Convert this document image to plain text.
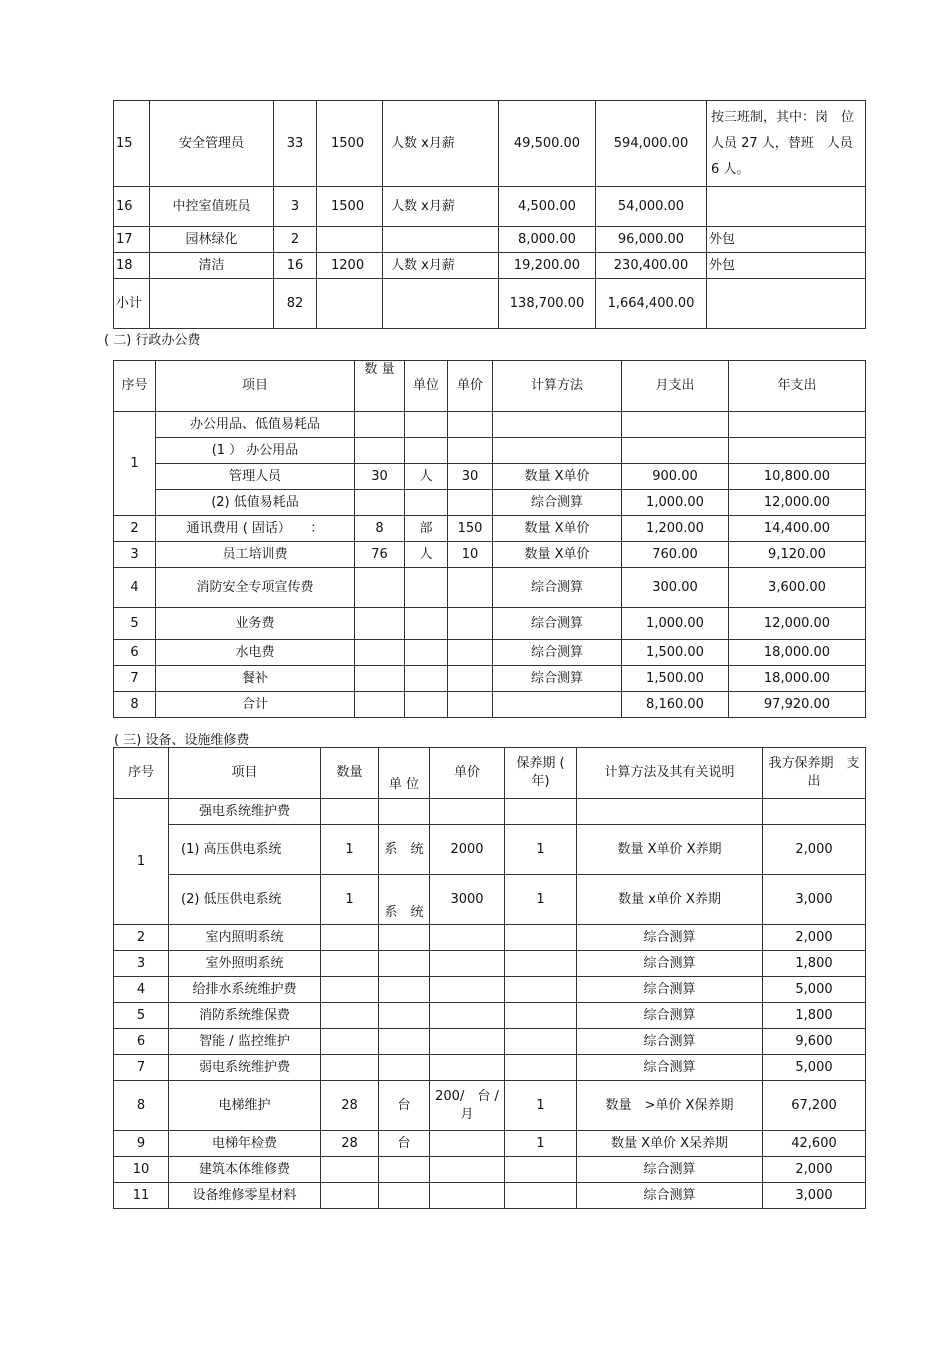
15	安全管理员	33	1500	人数 x月薪	49,500.00	594,000.00	按三班制，其中：岗　位人员 27 人，替班　人员 6 人。
16	中控室值班员	3	1500	人数 x月薪	4,500.00	54,000.00	
17	园林绿化	2			8,000.00	96,000.00	外包
18	清洁	16	1200	人数 x月薪	19,200.00	230,400.00	外包
小计		82			138,700.00	1,664,400.00	
( 二) 行政办公费
序号	项目	数 量	单位	单价	计算方法	月支出	年支出
1	办公用品、低值易耗品						
	(1 ） 办公用品						
	管理人员	30	人	30	数量 X单价	900.00	10,800.00
	(2) 低值易耗品				综合测算	1,000.00	12,000.00
2	通讯费用 ( 固话）　　：	8	部	150	数量 X单价	1,200.00	14,400.00
3	员工培训费	76	人	10	数量 X单价	760.00	9,120.00
4	消防安全专项宣传费				综合测算	300.00	3,600.00
5	业务费				综合测算	1,000.00	12,000.00
6	水电费				综合测算	1,500.00	18,000.00
7	餐补				综合测算	1,500.00	18,000.00
8	合计					8,160.00	97,920.00
( 三) 设备、设施维修费
序号	项目	数量	单 位	单价	保养期 ( 年)	计算方法及其有关说明	我方保养期　支出
1	强电系统维护费						
	(1) 高压供电系统	1	系　统	2000	1	数量 X单价 X养期	2,000
	(2) 低压供电系统	1	系　统	3000	1	数量 x单价 X养期	3,000
2	室内照明系统					综合测算	2,000
3	室外照明系统					综合测算	1,800
4	给排水系统维护费					综合测算	5,000
5	消防系统维保费					综合测算	1,800
6	智能 / 监控维护					综合测算	9,600
7	弱电系统维护费					综合测算	5,000
8	电梯维护	28	台	200/　台 /月	1	数量　>单价 X保养期	67,200
9	电梯年检费	28	台		1	数量 X单价 X呆养期	42,600
10	建筑本体维修费					综合测算	2,000
11	设备维修零星材料					综合测算	3,000
